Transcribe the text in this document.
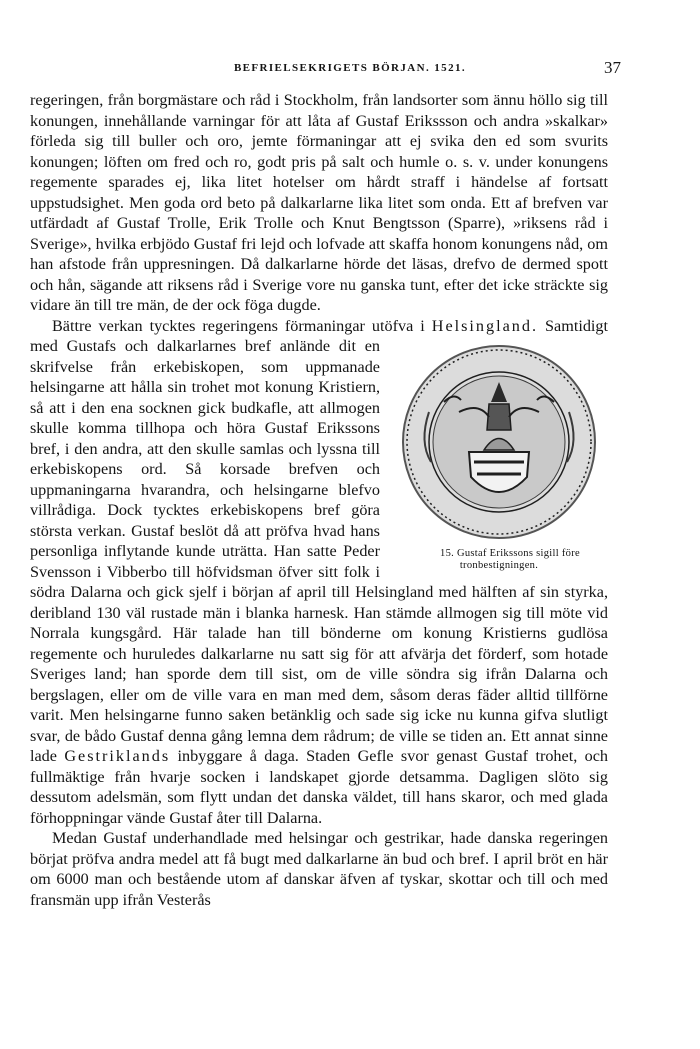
BEFRIELSEKRIGETS BÖRJAN. 1521.	37

regeringen, från borgmästare och råd i Stockholm, från landsorter som ännu höllo sig till konungen, innehållande varningar för att låta af Gustaf Erikssson och andra »skalkar» förleda sig till buller och oro, jemte förmaningar att ej svika den ed som svurits konungen; löften om fred och ro, godt pris på salt och humle o. s. v. under konungens regemente sparades ej, lika litet hotelser om hårdt straff i händelse af fortsatt uppstudsighet. Men goda ord beto på dalkarlarne lika litet som onda. Ett af brefven var utfärdadt af Gustaf Trolle, Erik Trolle och Knut Bengtsson (Sparre), »riksens råd i Sverige», hvilka erbjödo Gustaf fri lejd och lofvade att skaffa honom konungens nåd, om han afstode från uppresningen. Då dalkarlarne hörde det läsas, drefvo de dermed spott och hån, sägande att riksens råd i Sverige vore nu ganska tunt, efter det icke sträckte sig vidare än till tre män, de der ock föga dugde.

Bättre verkan tycktes regeringens förmaningar utöfva i Helsingland.
15. Gustaf Erikssons sigill före tronbestigningen.
Samtidigt med Gustafs och dalkarlarnes bref anlände dit en skrifvelse från erkebiskopen, som uppmanade helsingarne att hålla sin trohet mot konung Kristiern, så att i den ena socknen gick budkafle, att allmogen skulle komma tillhopa och höra Gustaf Erikssons bref, i den andra, att den skulle samlas och lyssna till erkebiskopens ord. Så korsade brefven och uppmaningarna hvarandra, och helsingarne blefvo villrådiga. Dock tycktes erkebiskopens bref göra största verkan. Gustaf beslöt då att pröfva hvad hans personliga inflytande kunde uträtta. Han satte Peder Svensson i Vibberbo till höfvidsman öfver sitt folk i södra Dalarna och gick sjelf i början af april till Helsingland med hälften af sin styrka, deribland 130 väl rustade män i blanka harnesk. Han stämde allmogen sig till möte vid Norrala kungsgård. Här talade han till bönderne om konung Kristierns gudlösa regemente och huruledes dalkarlarne nu satt sig för att afvärja det förderf, som hotade Sveriges land; han sporde dem till sist, om de ville söndra sig ifrån Dalarna och bergslagen, eller om de ville vara en man med dem, såsom deras fäder alltid tillförne varit. Men helsingarne funno saken betänklig och sade sig icke nu kunna gifva slutligt svar, de bådo Gustaf denna gång lemna dem rådrum; de ville se tiden an. Ett annat sinne lade Gestriklands inbyggare å daga. Staden Gefle svor genast Gustaf trohet, och fullmäktige från hvarje socken i landskapet gjorde detsamma. Dagligen slöto sig dessutom adelsmän, som flytt undan det danska väldet, till hans skaror, och med glada förhoppningar vände Gustaf åter till Dalarna.

Medan Gustaf underhandlade med helsingar och gestrikar, hade danska regeringen börjat pröfva andra medel att få bugt med dalkarlarne än bud och bref. I april bröt en här om 6000 man och bestående utom af danskar äfven af tyskar, skottar och till och med fransmän upp ifrån Vesterås
